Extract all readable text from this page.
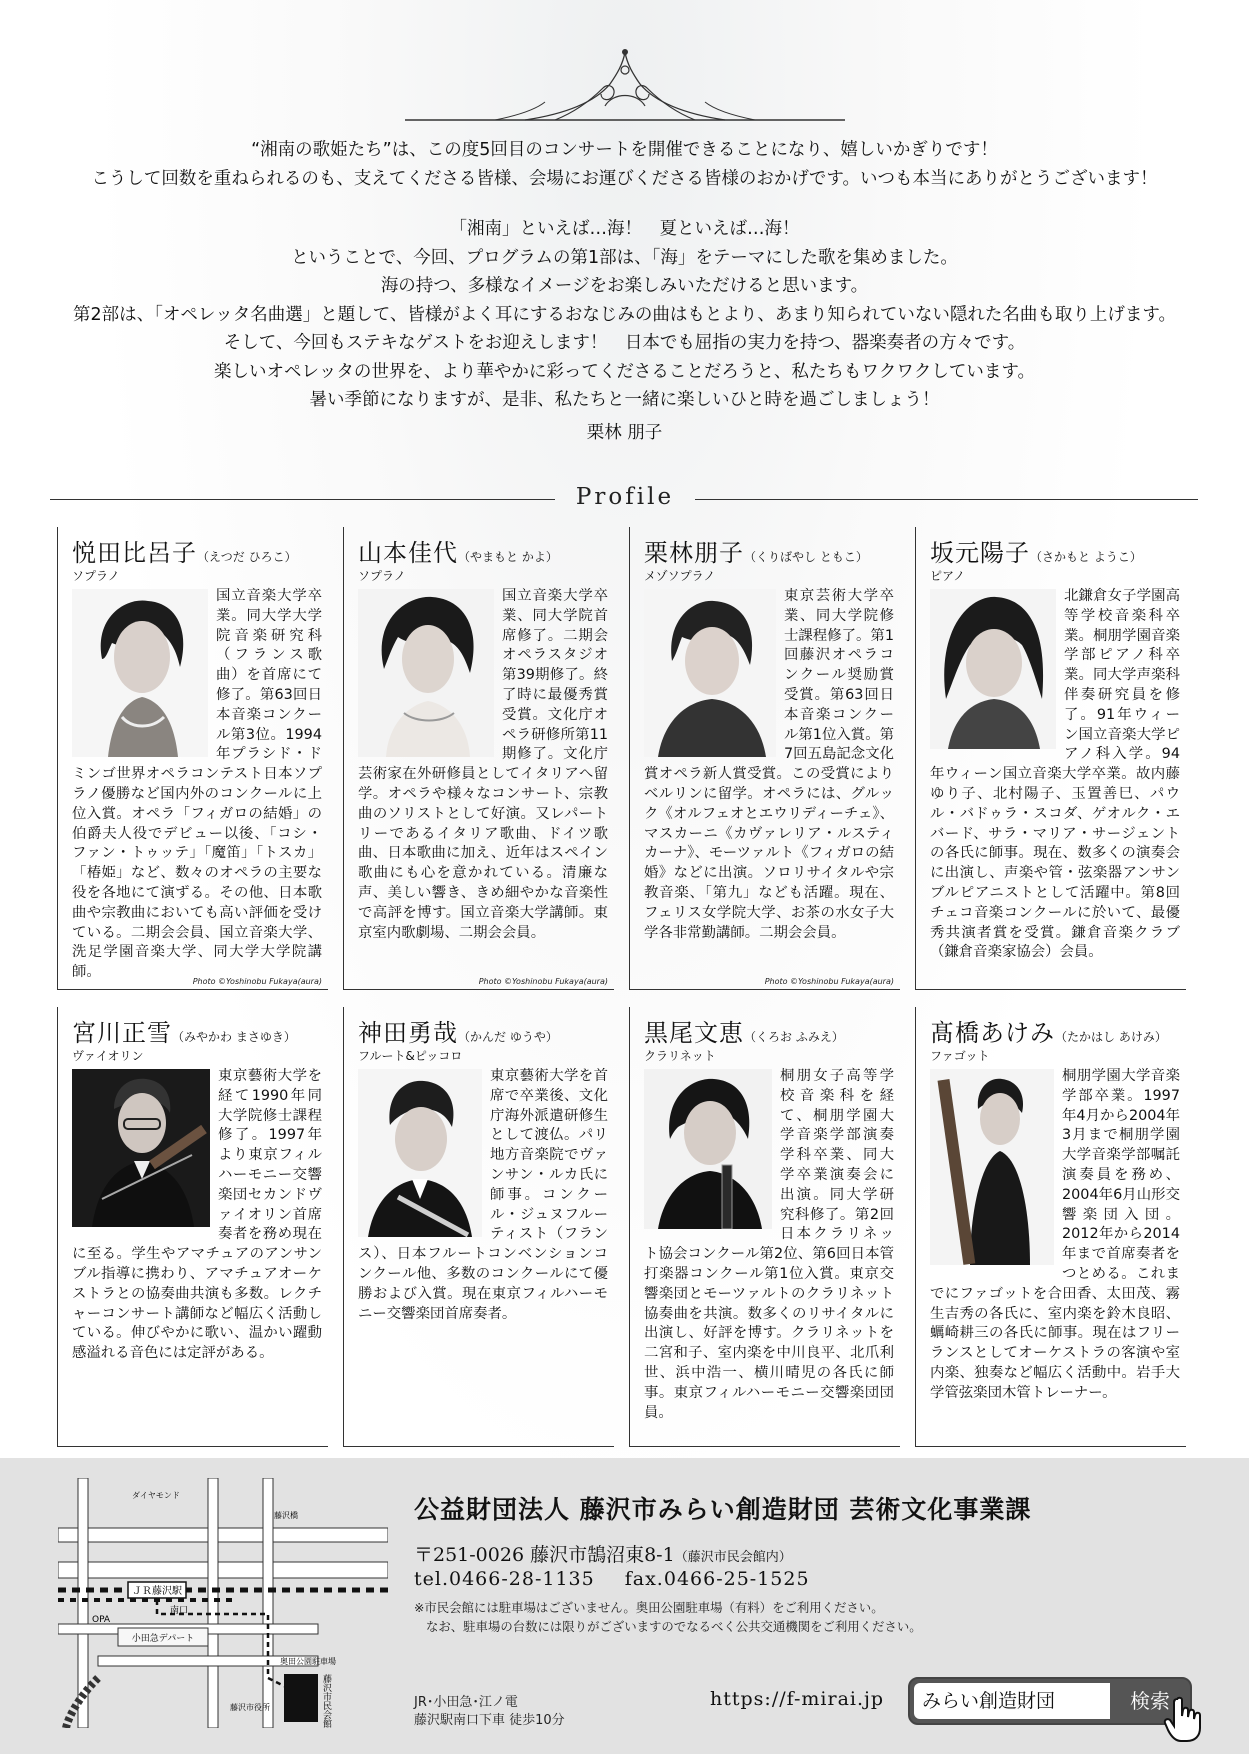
“湘南の歌姫たち”は、この度5回目のコンサートを開催できることになり、嬉しいかぎりです！
こうして回数を重ねられるのも、支えてくださる皆様、会場にお運びくださる皆様のおかげです。いつも本当にありがとうございます！
「湘南」といえば…海！　夏といえば…海！
ということで、今回、プログラムの第1部は、「海」をテーマにした歌を集めました。
海の持つ、多様なイメージをお楽しみいただけると思います。
第2部は、「オペレッタ名曲選」と題して、皆様がよく耳にするおなじみの曲はもとより、あまり知られていない隠れた名曲も取り上げます。
そして、今回もステキなゲストをお迎えします！　日本でも屈指の実力を持つ、器楽奏者の方々です。
楽しいオペレッタの世界を、より華やかに彩ってくださることだろうと、私たちもワクワクしています。
暑い季節になりますが、是非、私たちと一緒に楽しいひと時を過ごしましょう！
栗林 朋子
Profile
悦田比呂子（えつだ ひろこ）
ソプラノ
国立音楽大学卒業。同大学大学院音楽研究科（フランス歌曲）を首席にて修了。第63回日本音楽コンクール第3位。1994年プラシド・ドミンゴ世界オペラコンテスト日本ソプラノ優勝など国内外のコンクールに上位入賞。オペラ「フィガロの結婚」の伯爵夫人役でデビュー以後、「コシ・ファン・トゥッテ」「魔笛」「トスカ」「椿姫」など、数々のオペラの主要な役を各地にて演ずる。その他、日本歌曲や宗教曲においても高い評価を受けている。二期会会員、国立音楽大学、洗足学園音楽大学、同大学大学院講師。
Photo ©Yoshinobu Fukaya(aura)
山本佳代（やまもと かよ）
ソプラノ
国立音楽大学卒業、同大学院首席修了。二期会オペラスタジオ第39期修了。終了時に最優秀賞受賞。文化庁オペラ研修所第11期修了。文化庁芸術家在外研修員としてイタリアへ留学。オペラや様々なコンサート、宗教曲のソリストとして好演。又レパートリーであるイタリア歌曲、ドイツ歌曲、日本歌曲に加え、近年はスペイン歌曲にも心を意かれている。清廉な声、美しい響き、きめ細やかな音楽性で高評を博す。国立音楽大学講師。東京室内歌劇場、二期会会員。
Photo ©Yoshinobu Fukaya(aura)
栗林朋子（くりばやし ともこ）
メゾソプラノ
東京芸術大学卒業、同大学院修士課程修了。第1回藤沢オペラコンクール奨励賞受賞。第63回日本音楽コンクール第1位入賞。第7回五島記念文化賞オペラ新人賞受賞。この受賞によりベルリンに留学。オペラには、グルック《オルフェオとエウリディーチェ》、マスカーニ《カヴァレリア・ルスティカーナ》、モーツァルト《フィガロの結婚》などに出演。ソロリサイタルや宗教音楽、「第九」なども活躍。現在、フェリス女学院大学、お茶の水女子大学各非常勤講師。二期会会員。
Photo ©Yoshinobu Fukaya(aura)
坂元陽子（さかもと ようこ）
ピアノ
北鎌倉女子学園高等学校音楽科卒業。桐朋学園音楽学部ピアノ科卒業。同大学声楽科伴奏研究員を修了。91年ウィーン国立音楽大学ピアノ科入学。94年ウィーン国立音楽大学卒業。故内藤ゆり子、北村陽子、玉置善巳、パウル・バドゥラ・スコダ、ゲオルク・エバード、サラ・マリア・サージェントの各氏に師事。現在、数多くの演奏会に出演し、声楽や管・弦楽器アンサンブルピアニストとして活躍中。第8回チェコ音楽コンクールに於いて、最優秀共演者賞を受賞。鎌倉音楽クラブ（鎌倉音楽家協会）会員。
宮川正雪（みやかわ まさゆき）
ヴァイオリン
東京藝術大学を経て1990年同大学院修士課程修了。1997年より東京フィルハーモニー交響楽団セカンドヴァイオリン首席奏者を務め現在に至る。学生やアマチュアのアンサンブル指導に携わり、アマチュアオーケストラとの協奏曲共演も多数。レクチャーコンサート講師など幅広く活動している。伸びやかに歌い、温かい躍動感溢れる音色には定評がある。
神田勇哉（かんだ ゆうや）
フルート&ピッコロ
東京藝術大学を首席で卒業後、文化庁海外派遣研修生として渡仏。パリ地方音楽院でヴァンサン・ルカ氏に師事。コンクール・ジュヌフルーティスト（フランス）、日本フルートコンベンションコンクール他、多数のコンクールにて優勝および入賞。現在東京フィルハーモニー交響楽団首席奏者。
黒尾文恵（くろお ふみえ）
クラリネット
桐朋女子高等学校音楽科を経て、桐朋学園大学音楽学部演奏学科卒業、同大学卒業演奏会に出演。同大学研究科修了。第2回日本クラリネット協会コンクール第2位、第6回日本管打楽器コンクール第1位入賞。東京交響楽団とモーツァルトのクラリネット協奏曲を共演。数多くのリサイタルに出演し、好評を博す。クラリネットを二宮和子、室内楽を中川良平、北爪利世、浜中浩一、横川晴児の各氏に師事。東京フィルハーモニー交響楽団団員。
髙橋あけみ（たかはし あけみ）
ファゴット
桐朋学園大学音楽学部卒業。1997年4月から2004年3月まで桐朋学園大学音楽学部嘱託演奏員を務め、2004年6月山形交響楽団入団。2012年から2014年まで首席奏者をつとめる。これまでにファゴットを合田香、太田茂、霧生吉秀の各氏に、室内楽を鈴木良昭、蠣崎耕三の各氏に師事。現在はフリーランスとしてオーケストラの客演や室内楽、独奏など幅広く活動中。岩手大学管弦楽団木管トレーナー。
ＪＲ藤沢駅
小田急デパート
OPA
南口
藤沢市民会館
奥田公園駐車場
藤沢市役所
ダイヤモンド
藤沢橋	公益財団法人 藤沢市みらい創造財団 芸術文化事業課
〒251-0026 藤沢市鵠沼東8-1（藤沢市民会館内）
tel.0466-28-1135 fax.0466-25-1525
※市民会館には駐車場はございません。奥田公園駐車場（有料）をご利用ください。
なお、駐車場の台数には限りがございますのでなるべく公共交通機関をご利用ください。
JR･小田急･江ノ電
藤沢駅南口下車 徒歩10分
https://f-mirai.jp	みらい創造財団	検索
